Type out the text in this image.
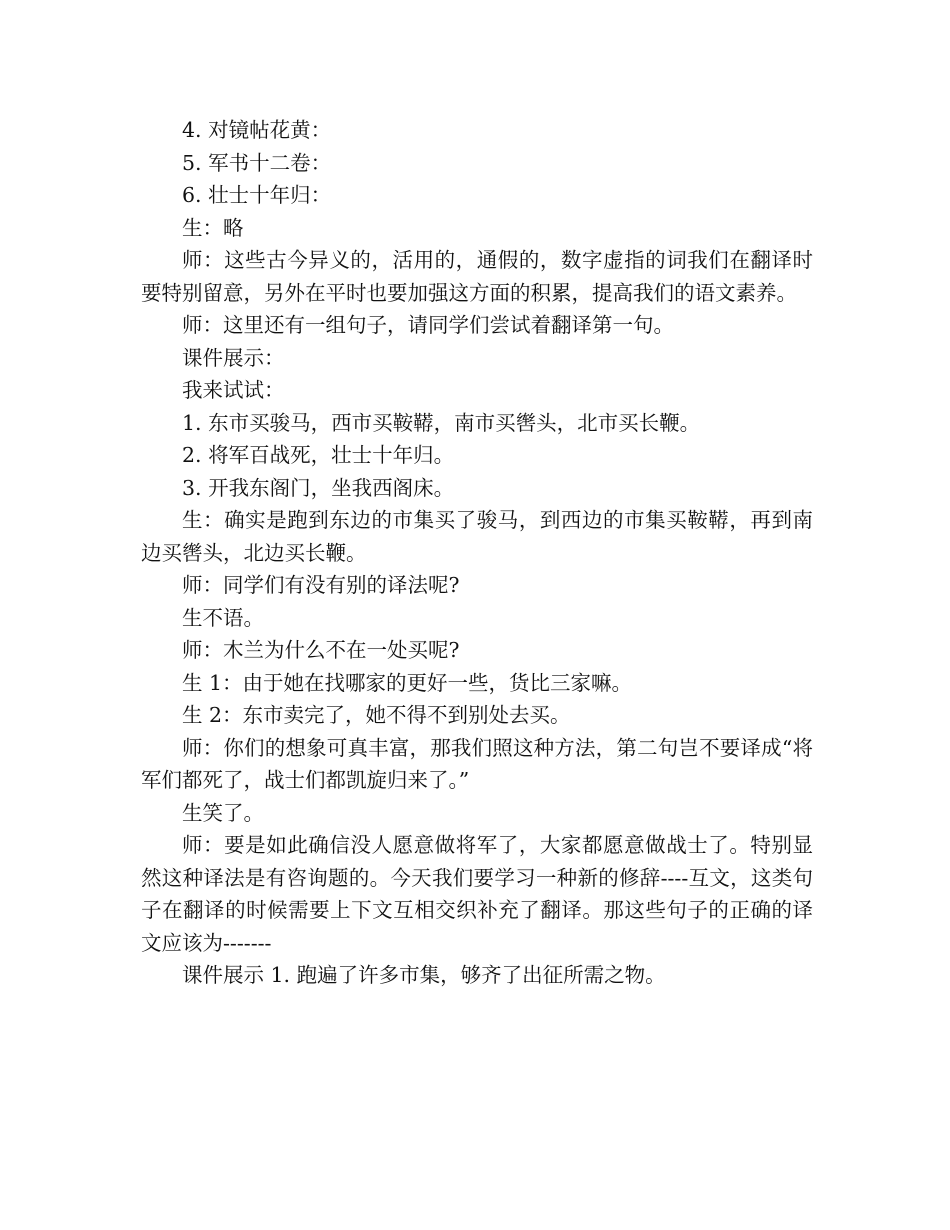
4. 对镜帖花黄：

5. 军书十二卷：

6. 壮士十年归：

生：略

师：这些古今异义的，活用的，通假的，数字虚指的词我们在翻译时要特别留意，另外在平时也要加强这方面的积累，提高我们的语文素养。

师：这里还有一组句子，请同学们尝试着翻译第一句。

课件展示：

我来试试：

1. 东市买骏马，西市买鞍鞯，南市买辔头，北市买长鞭。

2. 将军百战死，壮士十年归。

3. 开我东阁门，坐我西阁床。

生：确实是跑到东边的市集买了骏马，到西边的市集买鞍鞯，再到南边买辔头，北边买长鞭。

师：同学们有没有别的译法呢?

生不语。

师：木兰为什么不在一处买呢?

生 1：由于她在找哪家的更好一些，货比三家嘛。

生 2：东市卖完了，她不得不到别处去买。

师：你们的想象可真丰富，那我们照这种方法，第二句岂不要译成“将军们都死了，战士们都凯旋归来了。”

生笑了。

师：要是如此确信没人愿意做将军了，大家都愿意做战士了。特别显然这种译法是有咨询题的。今天我们要学习一种新的修辞----互文，这类句子在翻译的时候需要上下文互相交织补充了翻译。那这些句子的正确的译文应该为-------

课件展示 1. 跑遍了许多市集，够齐了出征所需之物。
